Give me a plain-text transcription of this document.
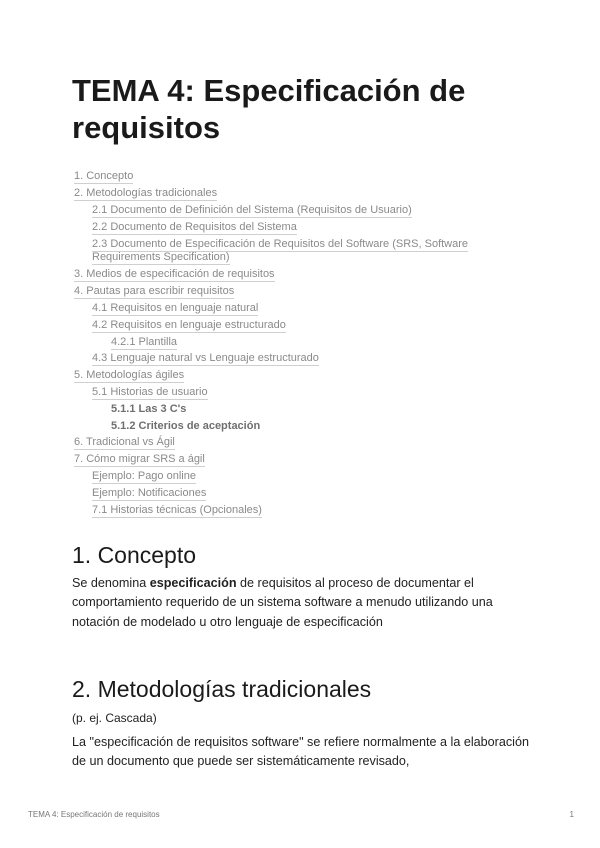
TEMA 4: Especificación de requisitos
1. Concepto
2. Metodologías tradicionales
2.1 Documento de Definición del Sistema (Requisitos de Usuario)
2.2 Documento de Requisitos del Sistema
2.3 Documento de Especificación de Requisitos del Software (SRS, Software Requirements Specification)
3. Medios de especificación de requisitos
4. Pautas para escribir requisitos
4.1 Requisitos en lenguaje natural
4.2 Requisitos en lenguaje estructurado
4.2.1 Plantilla
4.3 Lenguaje natural vs Lenguaje estructurado
5. Metodologías ágiles
5.1 Historias de usuario
5.1.1 Las 3 C's
5.1.2 Criterios de aceptación
6. Tradicional vs Ágil
7. Cómo migrar SRS a ágil
Ejemplo: Pago online
Ejemplo: Notificaciones
7.1 Historias técnicas (Opcionales)
1. Concepto

Se denomina especificación de requisitos al proceso de documentar el comportamiento requerido de un sistema software a menudo utilizando una notación de modelado u otro lenguaje de especificación

2. Metodologías tradicionales

(p. ej. Cascada)

La "especificación de requisitos software" se refiere normalmente a la elaboración de un documento que puede ser sistemáticamente revisado,

TEMA 4: Especificación de requisitos	1
